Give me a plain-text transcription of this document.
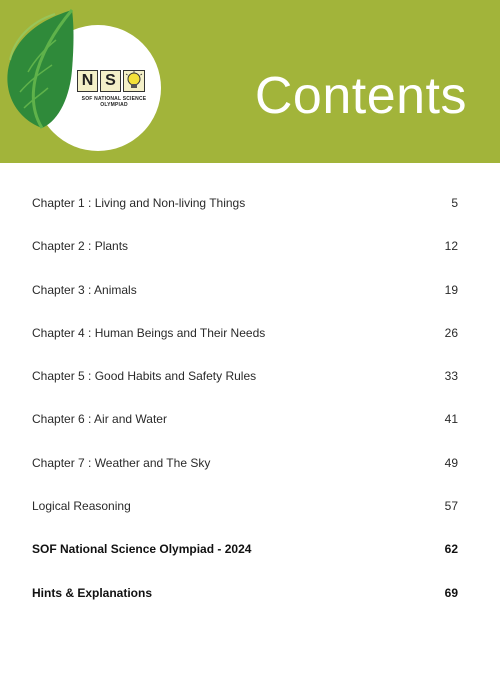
N S
SOF NATIONAL SCIENCE
OLYMPIAD	Contents
Chapter 1 : Living and Non-living Things	5
Chapter 2 : Plants	12
Chapter 3 : Animals	19
Chapter 4 : Human Beings and Their Needs	26
Chapter 5 : Good Habits and Safety Rules	33
Chapter 6 : Air and Water	41
Chapter 7 : Weather and The Sky	49
Logical Reasoning	57
SOF National Science Olympiad - 2024	62
Hints & Explanations	69
